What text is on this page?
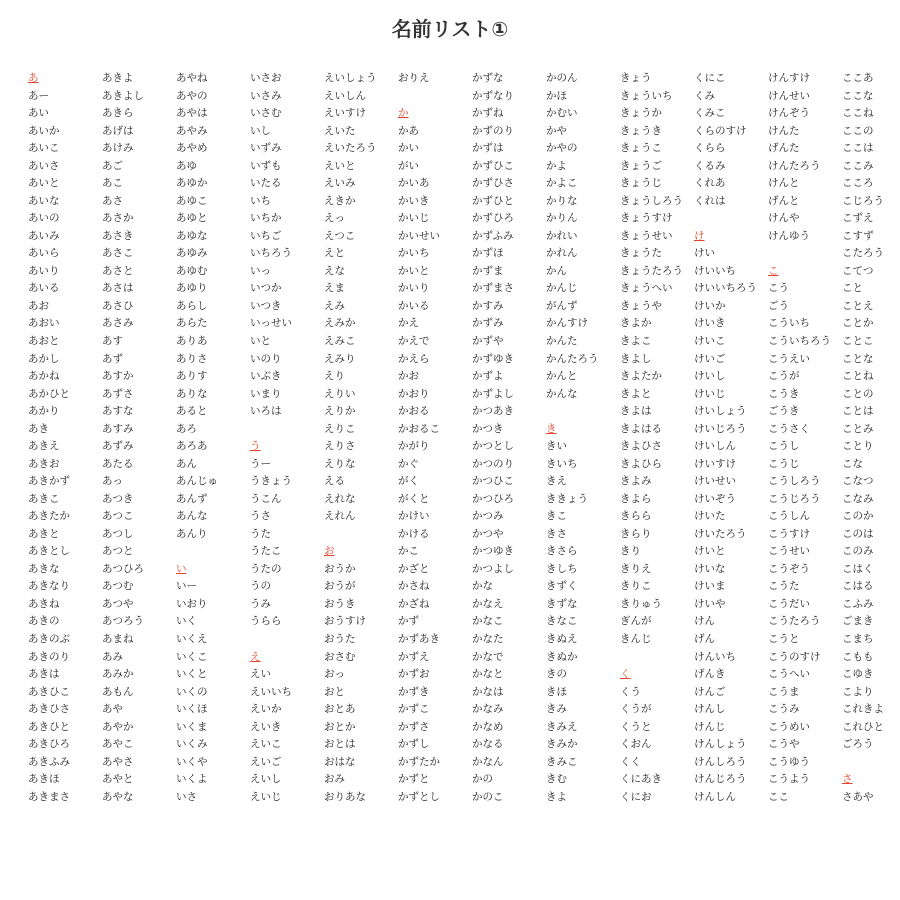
名前リスト①
あ
あー
あい
あいか
あいこ
あいさ
あいと
あいな
あいの
あいみ
あいら
あいり
あいる
あお
あおい
あおと
あかし
あかね
あかひと
あかり
あき
あきえ
あきお
あきかず
あきこ
あきたか
あきと
あきとし
あきな
あきなり
あきね
あきの
あきのぶ
あきのり
あきは
あきひこ
あきひさ
あきひと
あきひろ
あきふみ
あきほ
あきまさ
あきよ
あきよし
あきら
あげは
あけみ
あご
あこ
あさ
あさか
あさき
あさこ
あさと
あさは
あさひ
あさみ
あす
あず
あすか
あずさ
あすな
あすみ
あずみ
あたる
あっ
あつき
あつこ
あつし
あつと
あつひろ
あつむ
あつや
あつろう
あまね
あみ
あみか
あもん
あや
あやか
あやこ
あやさ
あやと
あやな
あやね
あやの
あやは
あやみ
あやめ
あゆ
あゆか
あゆこ
あゆと
あゆな
あゆみ
あゆむ
あゆり
あらし
あらた
ありあ
ありさ
ありす
ありな
あると
あろ
あろあ
あん
あんじゅ
あんず
あんな
あんり
い
いー
いおり
いく
いくえ
いくこ
いくと
いくの
いくほ
いくま
いくみ
いくや
いくよ
いさ
いさお
いさみ
いさむ
いし
いずみ
いずも
いたる
いち
いちか
いちご
いちろう
いっ
いつか
いつき
いっせい
いと
いのり
いぶき
いまり
いろは
う
うー
うきょう
うこん
うさ
うた
うたこ
うたの
うの
うみ
うらら
え
えい
えいいち
えいか
えいき
えいこ
えいご
えいし
えいじ
えいしょう
えいしん
えいすけ
えいた
えいたろう
えいと
えいみ
えきか
えっ
えつこ
えと
えな
えま
えみ
えみか
えみこ
えみり
えり
えりい
えりか
えりこ
えりさ
えりな
える
えれな
えれん
お
おうか
おうが
おうき
おうすけ
おうた
おさむ
おっ
おと
おとあ
おとか
おとは
おはな
おみ
おりあな
おりえ
か
かあ
かい
がい
かいあ
かいき
かいじ
かいせい
かいち
かいと
かいり
かいる
かえ
かえで
かえら
かお
かおり
かおる
かおるこ
かがり
かぐ
がく
がくと
かけい
かける
かこ
かざと
かさね
かざね
かず
かずあき
かずえ
かずお
かずき
かずこ
かずさ
かずし
かずたか
かずと
かずとし
かずな
かずなり
かずね
かずのり
かずは
かずひこ
かずひさ
かずひと
かずひろ
かずふみ
かずほ
かずま
かずまさ
かすみ
かずみ
かずや
かずゆき
かずよ
かずよし
かつあき
かつき
かつとし
かつのり
かつひこ
かつひろ
かつみ
かつや
かつゆき
かつよし
かな
かなえ
かなこ
かなた
かなで
かなと
かなは
かなみ
かなめ
かなる
かなん
かの
かのこ
かのん
かほ
かむい
かや
かやの
かよ
かよこ
かりな
かりん
かれい
かれん
かん
かんじ
がんず
かんすけ
かんた
かんたろう
かんと
かんな
き
きい
きいち
きえ
ききょう
きこ
きさ
きさら
きしち
きずく
きずな
きなこ
きぬえ
きぬか
きの
きほ
きみ
きみえ
きみか
きみこ
きむ
きよ
きょう
きょういち
きょうか
きょうき
きょうこ
きょうご
きょうじ
きょうしろう
きょうすけ
きょうせい
きょうた
きょうたろう
きょうへい
きょうや
きよか
きよこ
きよし
きよたか
きよと
きよは
きよはる
きよひさ
きよひら
きよみ
きよら
きらら
きらり
きり
きりえ
きりこ
きりゅう
ぎんが
きんじ
く
くう
くうが
くうと
くおん
くく
くにあき
くにお
くにこ
くみ
くみこ
くらのすけ
くらら
くるみ
くれあ
くれは
け
けい
けいいち
けいいちろう
けいか
けいき
けいこ
けいご
けいし
けいじ
けいしょう
けいじろう
けいしん
けいすけ
けいせい
けいぞう
けいた
けいたろう
けいと
けいな
けいま
けいや
けん
げん
けんいち
げんき
けんご
けんし
けんじ
けんしょう
けんしろう
けんじろう
けんしん
けんすけ
けんせい
けんぞう
けんた
げんた
けんたろう
けんと
げんと
けんや
けんゆう
こ
こう
ごう
こういち
こういちろう
こうえい
こうが
こうき
ごうき
こうさく
こうし
こうじ
こうしろう
こうじろう
こうしん
こうすけ
こうせい
こうぞう
こうた
こうだい
こうたろう
こうと
こうのすけ
こうへい
こうま
こうみ
こうめい
こうや
こうゆう
こうよう
ここ
ここあ
ここな
ここね
ここの
ここは
ここみ
こころ
こじろう
こずえ
こすず
こたろう
こてつ
こと
ことえ
ことか
ことこ
ことな
ことね
ことの
ことは
ことみ
ことり
こな
こなつ
こなみ
このか
このは
このみ
こはく
こはる
こふみ
ごまき
こまち
こもも
こゆき
こより
これきよ
これひと
ごろう
さ
さあや
